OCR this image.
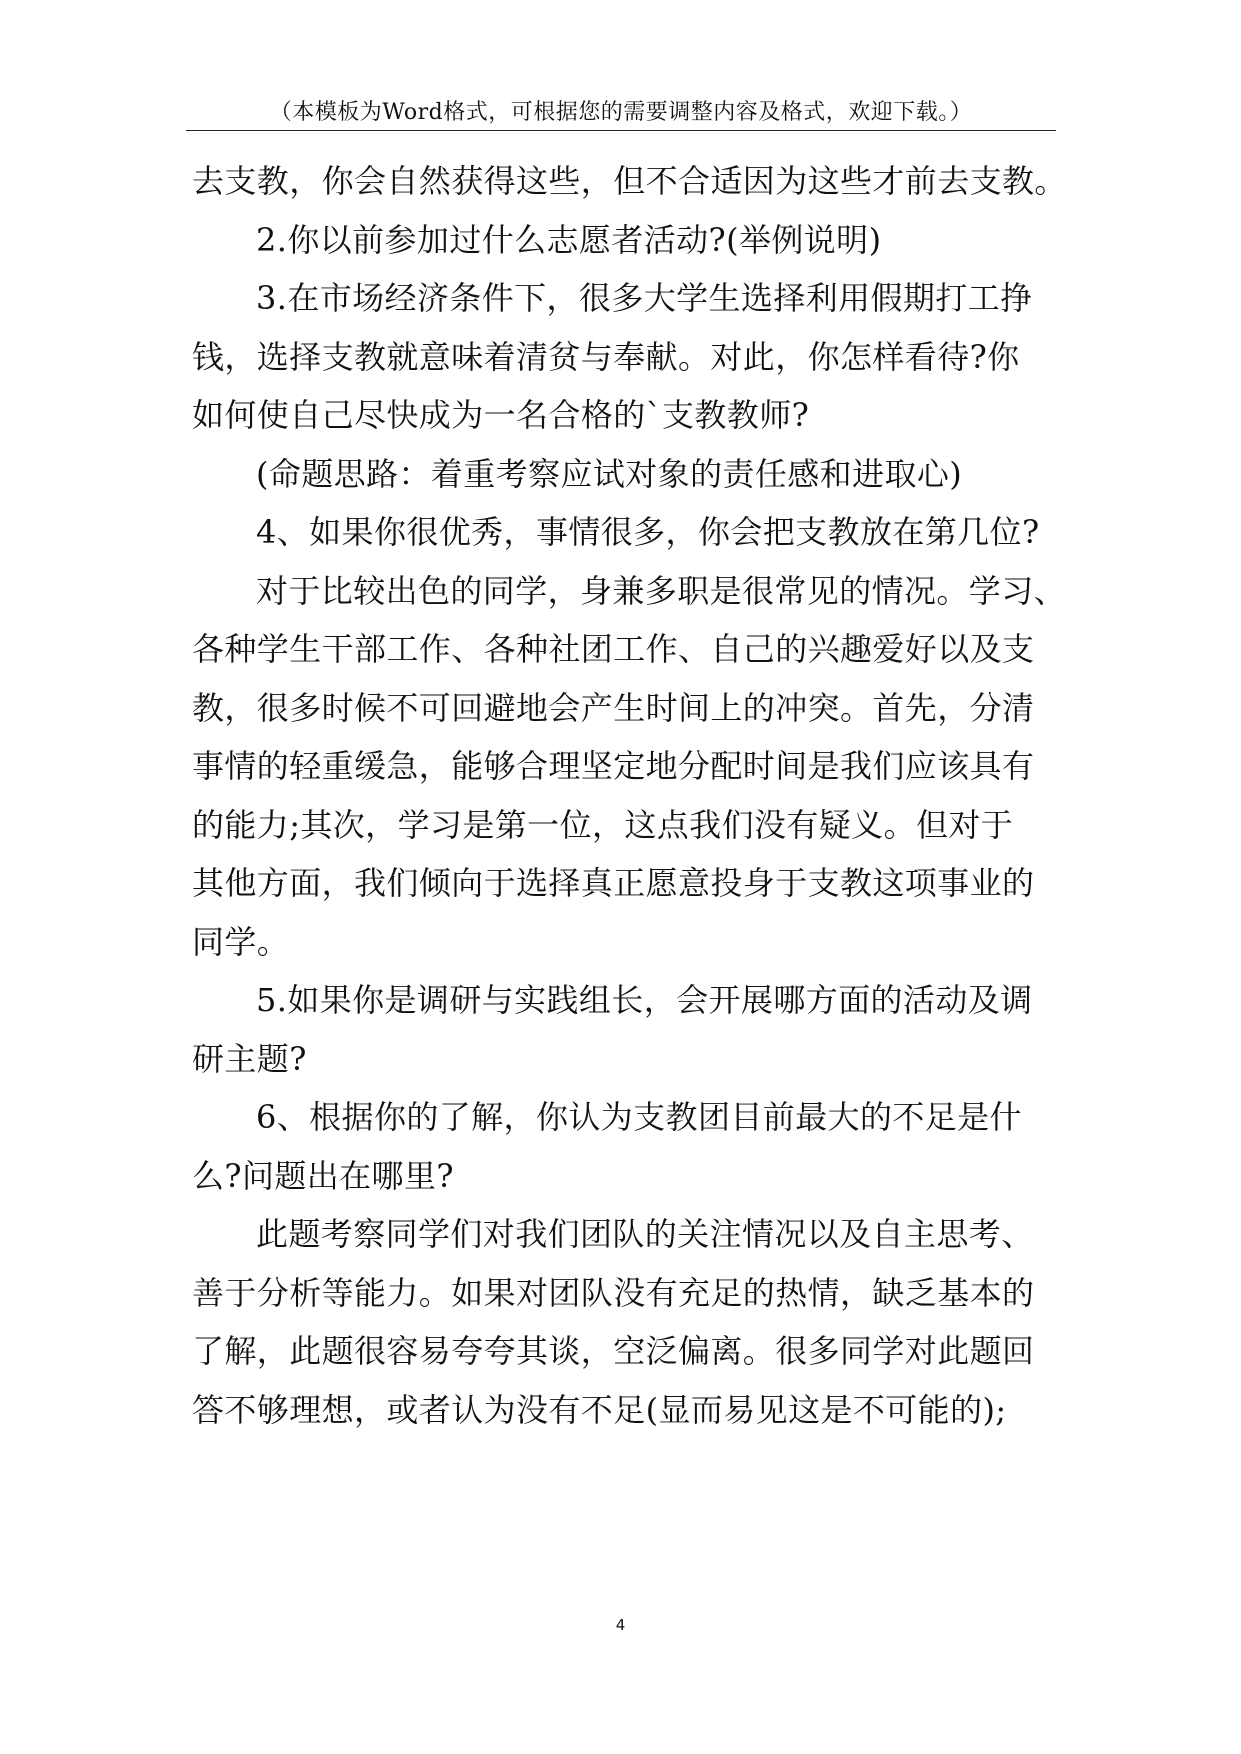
（本模板为Word格式，可根据您的需要调整内容及格式，欢迎下载。）
去支教，你会自然获得这些，但不合适因为这些才前去支教。
2.你以前参加过什么志愿者活动?(举例说明)
3.在市场经济条件下，很多大学生选择利用假期打工挣
钱，选择支教就意味着清贫与奉献。对此，你怎样看待?你
如何使自己尽快成为一名合格的`支教教师?
(命题思路：着重考察应试对象的责任感和进取心)
4、如果你很优秀，事情很多，你会把支教放在第几位?
对于比较出色的同学，身兼多职是很常见的情况。学习、
各种学生干部工作、各种社团工作、自己的兴趣爱好以及支
教，很多时候不可回避地会产生时间上的冲突。首先，分清
事情的轻重缓急，能够合理坚定地分配时间是我们应该具有
的能力;其次，学习是第一位，这点我们没有疑义。但对于
其他方面，我们倾向于选择真正愿意投身于支教这项事业的
同学。
5.如果你是调研与实践组长，会开展哪方面的活动及调
研主题?
6、根据你的了解，你认为支教团目前最大的不足是什
么?问题出在哪里?
此题考察同学们对我们团队的关注情况以及自主思考、
善于分析等能力。如果对团队没有充足的热情，缺乏基本的
了解，此题很容易夸夸其谈，空泛偏离。很多同学对此题回
答不够理想，或者认为没有不足(显而易见这是不可能的);
4
